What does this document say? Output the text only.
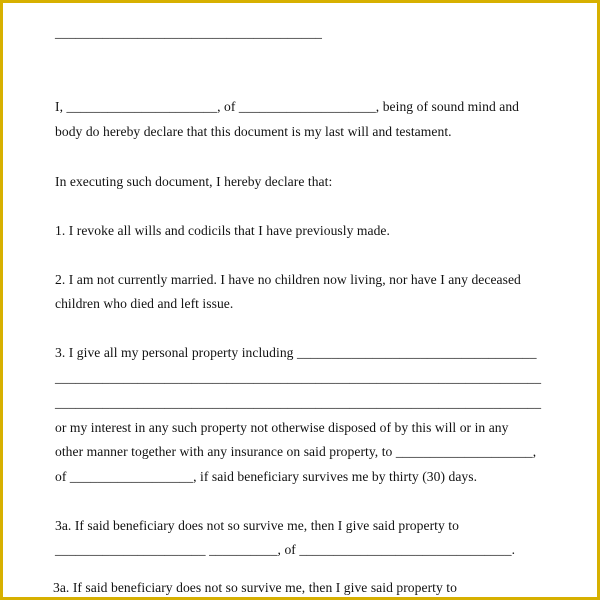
_______________________________________
I, ______________________, of ____________________, being of sound mind and
body do hereby declare that this document is my last will and testament.
In executing such document, I hereby declare that:
1. I revoke all wills and codicils that I have previously made.
2. I am not currently married. I have no children now living, nor have I any deceased
children who died and left issue.
3. I give all my personal property including ___________________________________
_______________________________________________________________________
_______________________________________________________________________
or my interest in any such property not otherwise disposed of by this will or in any
other manner together with any insurance on said property, to ____________________,
of __________________, if said beneficiary survives me by thirty (30) days.
3a. If said beneficiary does not so survive me, then I give said property to
______________________ __________, of _______________________________.
3a. If said beneficiary does not so survive me, then I give said property to
